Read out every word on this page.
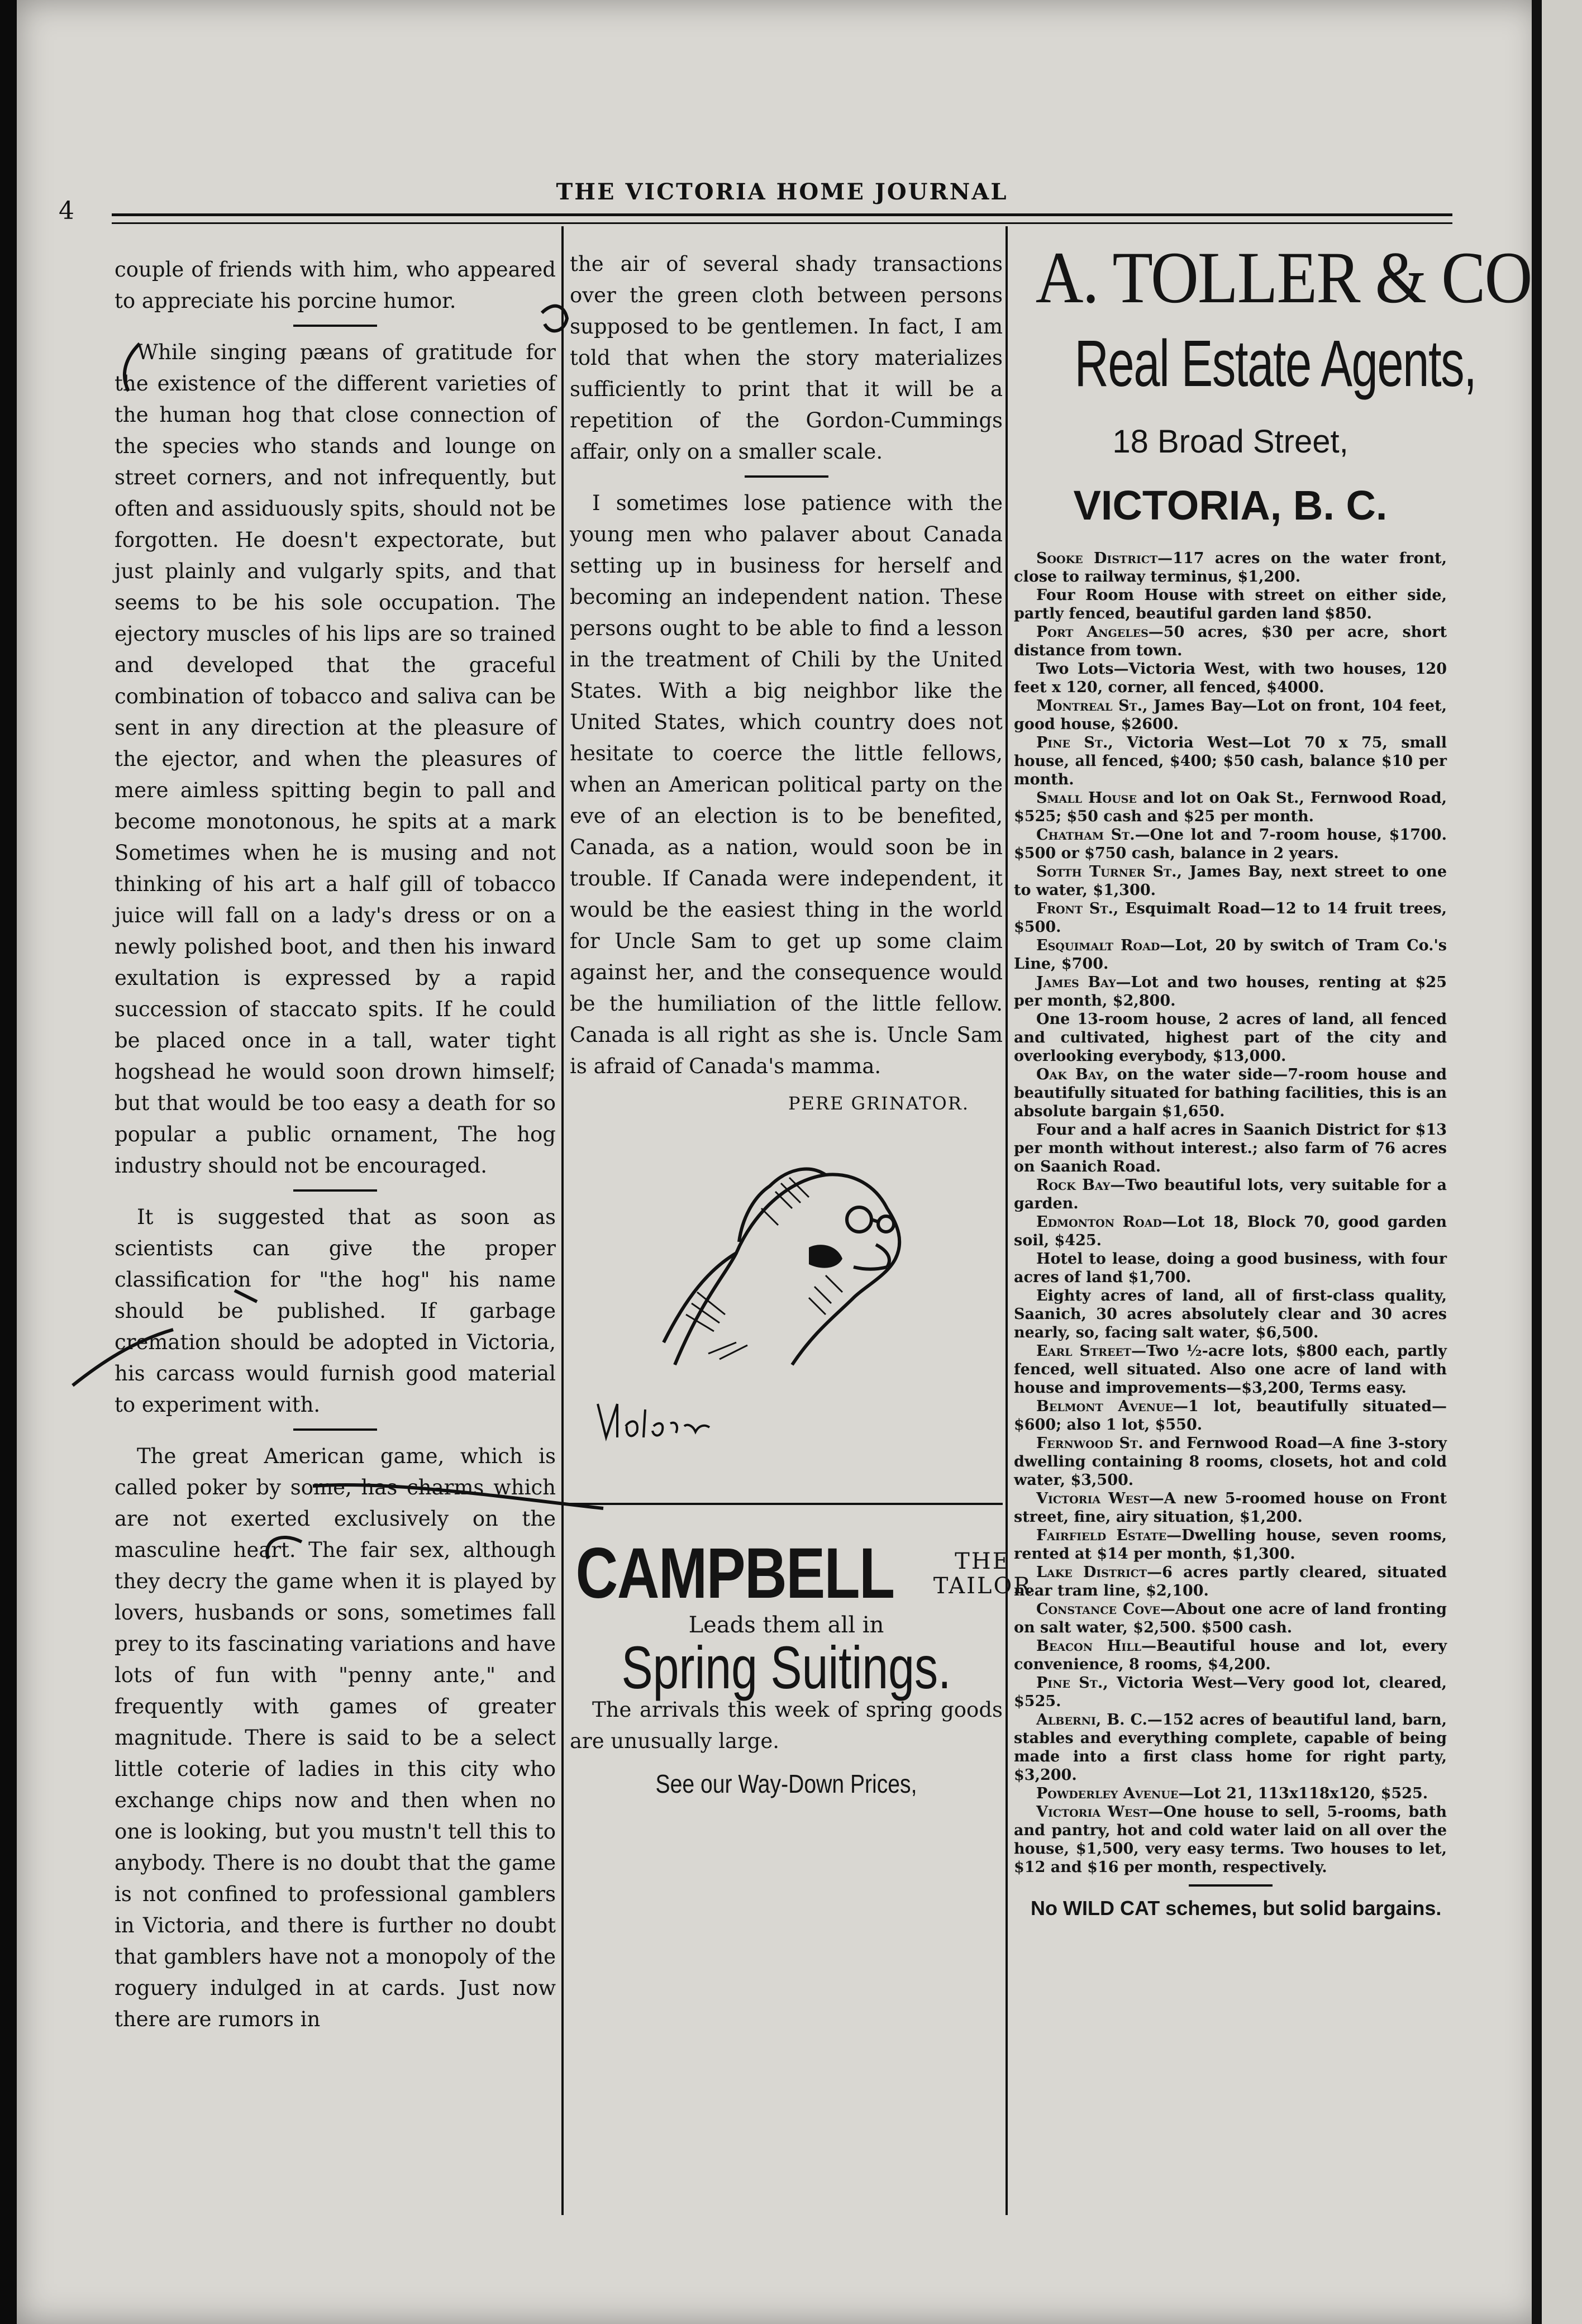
4
THE VICTORIA HOME JOURNAL

couple of friends with him, who appeared to appreciate his porcine humor.

While singing pæans of gratitude for the existence of the different varieties of the human hog that close connection of the species who stands and lounge on street corners, and not infrequently, but often and assiduously spits, should not be forgotten. He doesn't expectorate, but just plainly and vulgarly spits, and that seems to be his sole occupation. The ejectory muscles of his lips are so trained and developed that the graceful combination of tobacco and saliva can be sent in any direction at the pleasure of the ejector, and when the pleasures of mere aimless spitting begin to pall and become monotonous, he spits at a mark Sometimes when he is musing and not thinking of his art a half gill of tobacco juice will fall on a lady's dress or on a newly polished boot, and then his inward exultation is expressed by a rapid succession of staccato spits. If he could be placed once in a tall, water tight hogshead he would soon drown himself; but that would be too easy a death for so popular a public ornament, The hog industry should not be encouraged.

It is suggested that as soon as scientists can give the proper classification for "the hog" his name should be published. If garbage cremation should be adopted in Victoria, his carcass would furnish good material to experiment with.

The great American game, which is called poker by some, has charms which are not exerted exclusively on the masculine heart. The fair sex, although they decry the game when it is played by lovers, husbands or sons, sometimes fall prey to its fascinating variations and have lots of fun with "penny ante," and frequently with games of greater magnitude. There is said to be a select little coterie of ladies in this city who exchange chips now and then when no one is looking, but you mustn't tell this to anybody. There is no doubt that the game is not confined to professional gamblers in Victoria, and there is further no doubt that gamblers have not a monopoly of the roguery indulged in at cards. Just now there are rumors in

the air of several shady transactions over the green cloth between persons supposed to be gentlemen. In fact, I am told that when the story materializes sufficiently to print that it will be a repetition of the Gordon-Cummings affair, only on a smaller scale.

I sometimes lose patience with the young men who palaver about Canada setting up in business for herself and becoming an independent nation. These persons ought to be able to find a lesson in the treatment of Chili by the United States. With a big neighbor like the United States, which country does not hesitate to coerce the little fellows, when an American political party on the eve of an election is to be benefited, Canada, as a nation, would soon be in trouble. If Canada were independent, it would be the easiest thing in the world for Uncle Sam to get up some claim against her, and the consequence would be the humiliation of the little fellow. Canada is all right as she is. Uncle Sam is afraid of Canada's mamma.

PERE GRINATOR.
CAMPBELL	THE
TAILOR
Leads them all in
Spring Suitings.
The arrivals this week of spring goods are unusually large.
See our Way-Down Prices,
A. TOLLER & CO
Real Estate Agents,
18 Broad Street,
VICTORIA, B. C.

Sooke District—117 acres on the water front, close to railway terminus, $1,200.

Four Room House with street on either side, partly fenced, beautiful garden land $850.

Port Angeles—50 acres, $30 per acre, short distance from town.

Two Lots—Victoria West, with two houses, 120 feet x 120, corner, all fenced, $4000.

Montreal St., James Bay—Lot on front, 104 feet, good house, $2600.

Pine St., Victoria West—Lot 70 x 75, small house, all fenced, $400; $50 cash, balance $10 per month.

Small House and lot on Oak St., Fernwood Road, $525; $50 cash and $25 per month.

Chatham St.—One lot and 7-room house, $1700. $500 or $750 cash, balance in 2 years.

Sotth Turner St., James Bay, next street to one to water, $1,300.

Front St., Esquimalt Road—12 to 14 fruit trees, $500.

Esquimalt Road—Lot, 20 by switch of Tram Co.'s Line, $700.

James Bay—Lot and two houses, renting at $25 per month, $2,800.

One 13-room house, 2 acres of land, all fenced and cultivated, highest part of the city and overlooking everybody, $13,000.

Oak Bay, on the water side—7-room house and beautifully situated for bathing facilities, this is an absolute bargain $1,650.

Four and a half acres in Saanich District for $13 per month without interest.; also farm of 76 acres on Saanich Road.

Rock Bay—Two beautiful lots, very suitable for a garden.

Edmonton Road—Lot 18, Block 70, good garden soil, $425.

Hotel to lease, doing a good business, with four acres of land $1,700.

Eighty acres of land, all of first-class quality, Saanich, 30 acres absolutely clear and 30 acres nearly, so, facing salt water, $6,500.

Earl Street—Two ½-acre lots, $800 each, partly fenced, well situated. Also one acre of land with house and improvements—$3,200, Terms easy.

Belmont Avenue—1 lot, beautifully situated—$600; also 1 lot, $550.

Fernwood St. and Fernwood Road—A fine 3-story dwelling containing 8 rooms, closets, hot and cold water, $3,500.

Victoria West—A new 5-roomed house on Front street, fine, airy situation, $1,200.

Fairfield Estate—Dwelling house, seven rooms, rented at $14 per month, $1,300.

Lake District—6 acres partly cleared, situated near tram line, $2,100.

Constance Cove—About one acre of land fronting on salt water, $2,500. $500 cash.

Beacon Hill—Beautiful house and lot, every convenience, 8 rooms, $4,200.

Pine St., Victoria West—Very good lot, cleared, $525.

Alberni, B. C.—152 acres of beautiful land, barn, stables and everything complete, capable of being made into a first class home for right party, $3,200.

Powderley Avenue—Lot 21, 113x118x120, $525.

Victoria West—One house to sell, 5-rooms, bath and pantry, hot and cold water laid on all over the house, $1,500, very easy terms. Two houses to let, $12 and $16 per month, respectively.

No WILD CAT schemes, but solid bargains.
